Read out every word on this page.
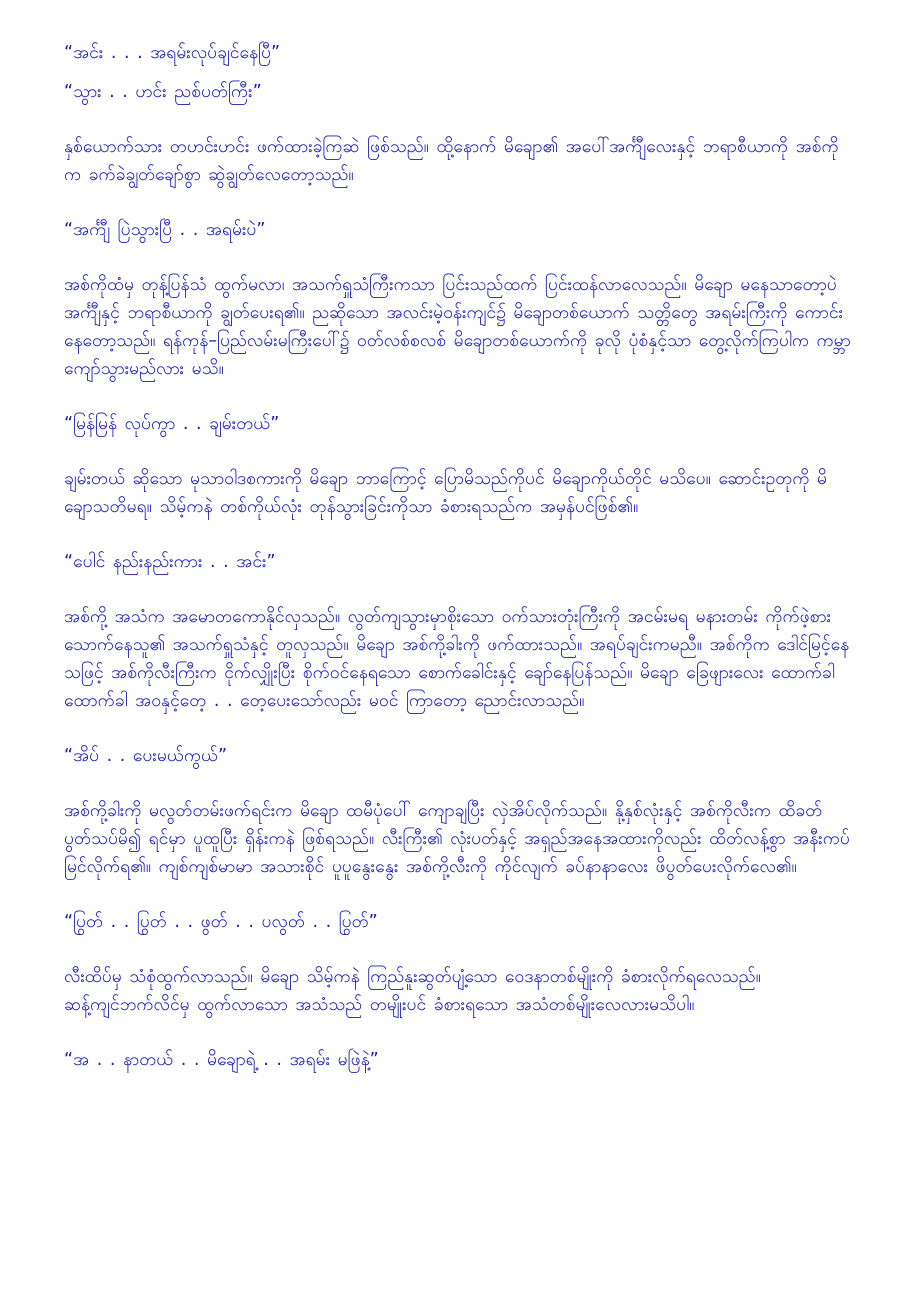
“အင်း . . . အရမ်းလုပ်ချင်နေပြီ”

“သွား . . ဟင်း ညစ်ပတ်ကြီး”

နှစ်ယောက်သား တဟင်းဟင်း ဖက်ထားခဲ့ကြဆဲ ဖြစ်သည်။ ထို့နောက် မိချော၏ အပေါ်အင်္ကျီလေးနှင့် ဘရာစီယာကို အစ်ကိုက ခက်ခဲချွတ်ချော်စွာ ဆွဲချွတ်လေတော့သည်။

“အင်္ကျီ ပြဲသွားပြီ . . အရမ်းပဲ”

အစ်ကိုထံမှ တုန့်ပြန်သံ ထွက်မလာ၊ အသက်ရှူသံကြီးကသာ ပြင်းသည်ထက် ပြင်းထန်လာလေသည်။ မိချော မနေသာတော့ပဲ အင်္ကျီနှင့် ဘရာစီယာကို ချွတ်ပေးရ၏။ ညဆိုသော အလင်းမဲ့ဝန်းကျင်၌ မိချောတစ်ယောက် သတ္တိတွေ အရမ်းကြီးကို ကောင်းနေတော့သည်။ ရန်ကုန်–ပြည်လမ်းမကြီးပေါ်၌ ဝတ်လစ်စလစ် မိချောတစ်ယောက်ကို ခုလို ပုံစံနှင့်သာ တွေ့လိုက်ကြပါက ကမ္ဘာကျော်သွားမည်လား မသိ။

“မြန်မြန် လုပ်ကွာ . . ချမ်းတယ်”

ချမ်းတယ် ဆိုသော မုသာဝါဒစကားကို မိချော ဘာကြောင့် ပြောမိသည်ကိုပင် မိချောကိုယ်တိုင် မသိပေ။ ဆောင်းဥတုကို မိချောသတိမရ။ သိမ့်ကနဲ တစ်ကိုယ်လုံး တုန်သွားခြင်းကိုသာ ခံစားရသည်က အမှန်ပင်ဖြစ်၏။

“ပေါင် နည်းနည်းကား . . အင်း”

အစ်ကို့ အသံက အမောတကောနိုင်လှသည်။ လွတ်ကျသွားမှာစိုးသော ဝက်သားတုံးကြီးကို အငမ်းမရ မနားတမ်း ကိုက်ဖဲ့စားသောက်နေသူ၏ အသက်ရှူသံနှင့် တူလှသည်။ မိချော အစ်ကို့ခါးကို ဖက်ထားသည်။ အရပ်ချင်းကမညီ။ အစ်ကိုက ဒေါင်မြင့်နေသဖြင့် အစ်ကိုလီးကြီးက ငိုက်လျှိုးပြီး စိုက်ဝင်နေရသော စောက်ခေါင်းနှင့် ချော်နေပြန်သည်။ မိချော ခြေဖျားလေး ထောက်ခါ ထောက်ခါ အဝနှင့်တေ့ . . တေ့ပေးသော်လည်း မဝင် ကြာတော့ ညောင်းလာသည်။

“အိပ် . . ပေးမယ်ကွယ်”

အစ်ကို့ခါးကို မလွတ်တမ်းဖက်ရင်းက မိချော ထမီပုံပေါ် ကျောချပြီး လှဲအိပ်လိုက်သည်။ နို့နှစ်လုံးနှင့် အစ်ကိုလီးက ထိခတ် ပွတ်သပ်မိ၍ ရင်မှာ ပူထူပြီး ရှိန်းကနဲ ဖြစ်ရသည်။ လီးကြီး၏ လုံးပတ်နှင့် အရှည်အနေအထားကိုလည်း ထိတ်လန့်စွာ အနီးကပ် မြင်လိုက်ရ၏။ ကျစ်ကျစ်မာမာ အသားစိုင် ပူပူနွေးနွေး အစ်ကို့လီးကို ကိုင်လျက် ခပ်နာနာလေး ဖိပွတ်ပေးလိုက်လေ၏။

“ပြွတ် . . ပြွတ် . . ဖွတ် . . ပလွတ် . . ပြွတ်”

လီးထိပ်မှ သံစုံထွက်လာသည်။ မိချော သိမ့်ကနဲ ကြည်နူးဆွတ်ပျံ့သော ဝေဒနာတစ်မျိုးကို ခံစားလိုက်ရလေသည်။ ဆန့်ကျင်ဘက်လိင်မှ ထွက်လာသော အသံသည် တမျိုးပင် ခံစားရသော အသံတစ်မျိုးလေလားမသိပါ။

“အ . . နာတယ် . . မိချောရဲ့ . . အရမ်း မဖြဲနဲ့”
